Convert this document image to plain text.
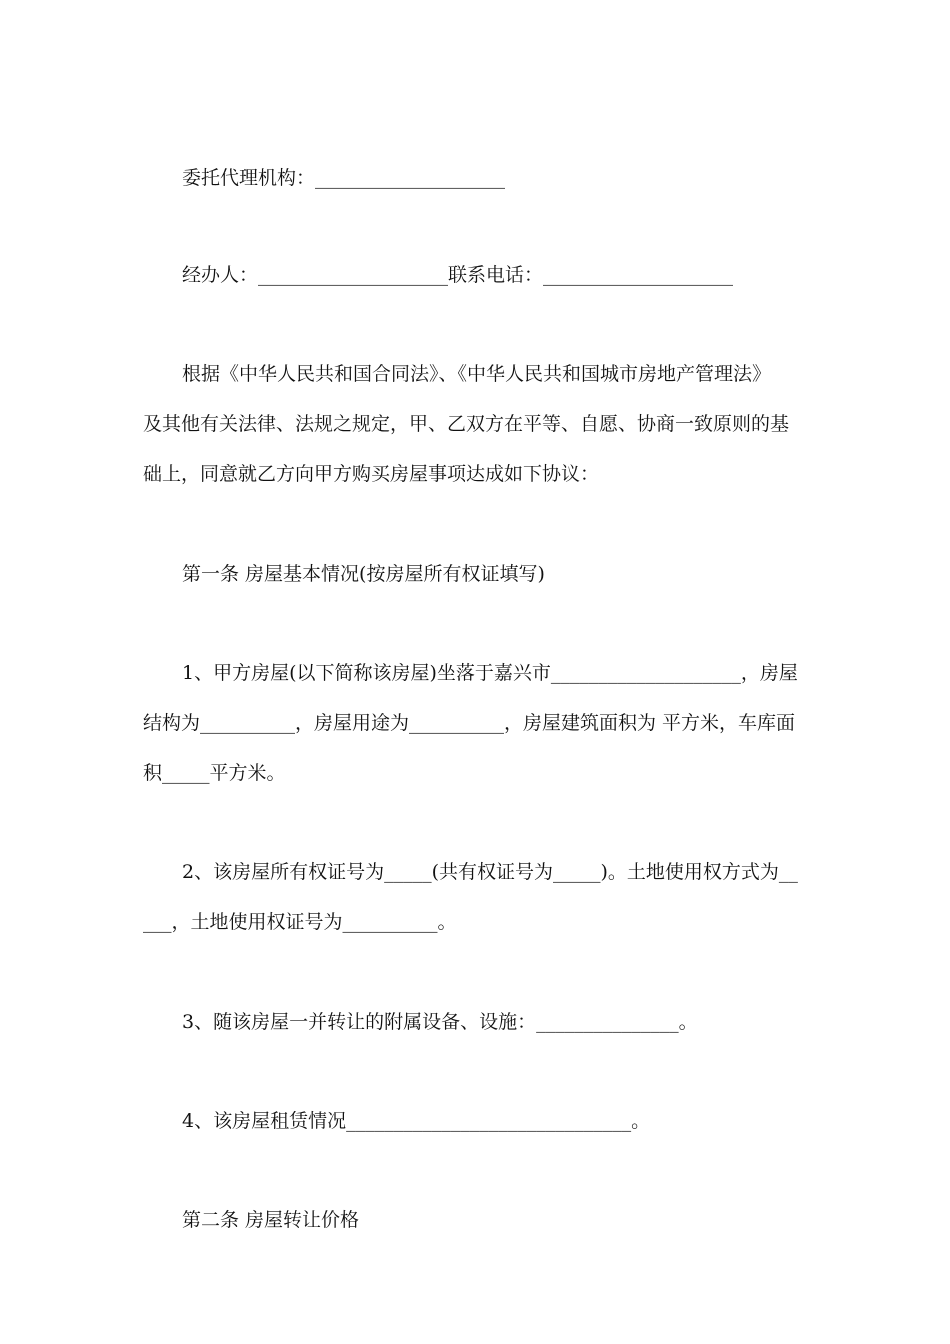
委托代理机构：____________________
经办人：____________________联系电话：____________________
根据《中华人民共和国合同法》、《中华人民共和国城市房地产管理法》
及其他有关法律、法规之规定，甲、乙双方在平等、自愿、协商一致原则的基
础上，同意就乙方向甲方购买房屋事项达成如下协议：
第一条 房屋基本情况(按房屋所有权证填写)
1、甲方房屋(以下简称该房屋)坐落于嘉兴市____________________，房屋
结构为__________，房屋用途为__________，房屋建筑面积为 平方米，车库面
积_____平方米。
2、该房屋所有权证号为_____(共有权证号为_____)。土地使用权方式为__
___，土地使用权证号为__________。
3、随该房屋一并转让的附属设备、设施：_______________。
4、该房屋租赁情况______________________________。
第二条 房屋转让价格
